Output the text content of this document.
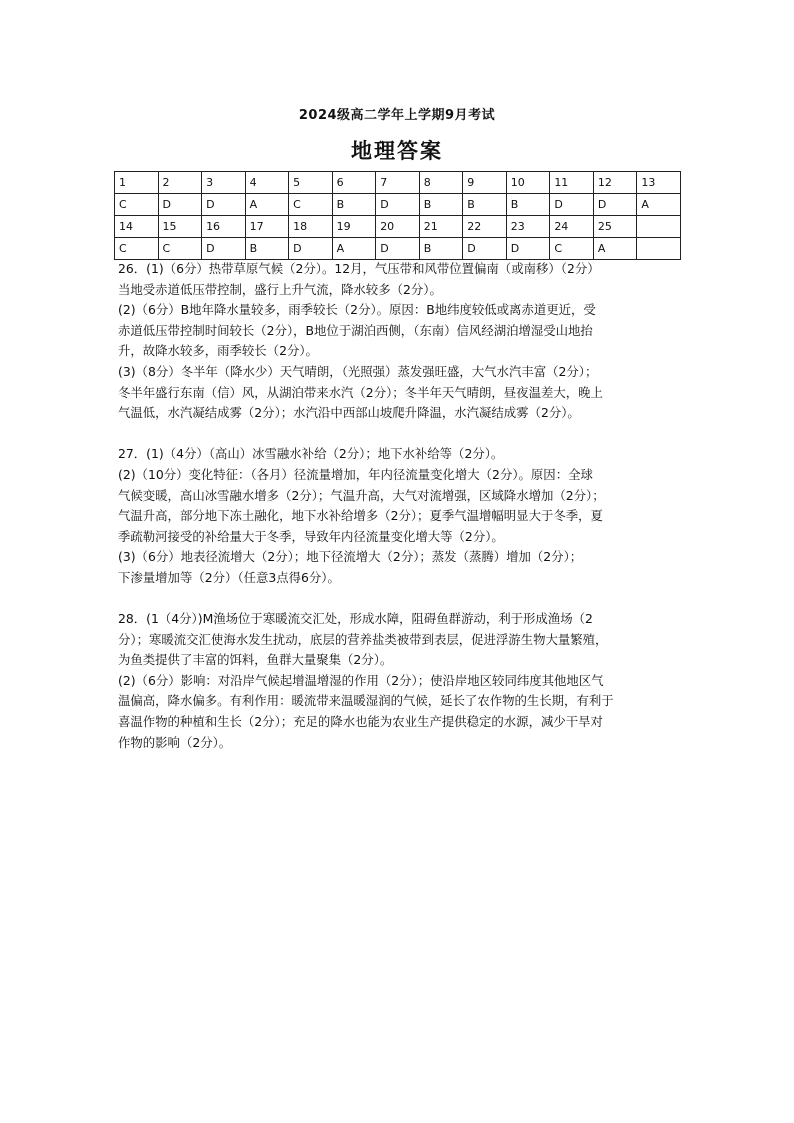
2024级高二学年上学期9月考试
地理答案
1	2	3	4	5	6	7	8	9	10	11	12	13
C	D	D	A	C	B	D	B	B	B	D	D	A
14	15	16	17	18	19	20	21	22	23	24	25	
C	C	D	B	D	A	D	B	D	D	C	A	

26．(1)（6分）热带草原气候（2分）。12月，气压带和风带位置偏南（或南移）（2分）

当地受赤道低压带控制，盛行上升气流，降水较多（2分）。

(2)（6分）B地年降水量较多，雨季较长（2分）。原因：B地纬度较低或离赤道更近，受

赤道低压带控制时间较长（2分），B地位于湖泊西侧，（东南）信风经湖泊增湿受山地抬

升，故降水较多，雨季较长（2分）。

(3)（8分）冬半年（降水少）天气晴朗，（光照强）蒸发强旺盛，大气水汽丰富（2分）；

冬半年盛行东南（信）风，从湖泊带来水汽（2分）；冬半年天气晴朗，昼夜温差大，晚上

气温低，水汽凝结成雾（2分）；水汽沿中西部山坡爬升降温，水汽凝结成雾（2分）。

27．(1)（4分）（高山）冰雪融水补给（2分）；地下水补给等（2分）。

(2)（10分）变化特征：（各月）径流量增加，年内径流量变化增大（2分）。原因：全球

气候变暖，高山冰雪融水增多（2分）；气温升高，大气对流增强，区域降水增加（2分）；

气温升高，部分地下冻土融化，地下水补给增多（2分）；夏季气温增幅明显大于冬季，夏

季疏勒河接受的补给量大于冬季，导致年内径流量变化增大等（2分）。

(3)（6分）地表径流增大（2分）；地下径流增大（2分）；蒸发（蒸腾）增加（2分）；

下渗量增加等（2分）（任意3点得6分）。

28．(1（4分）)M渔场位于寒暖流交汇处，形成水障，阻碍鱼群游动，利于形成渔场（2

分）；寒暖流交汇使海水发生扰动，底层的营养盐类被带到表层，促进浮游生物大量繁殖，

为鱼类提供了丰富的饵料，鱼群大量聚集（2分）。

(2)（6分）影响：对沿岸气候起增温增湿的作用（2分）；使沿岸地区较同纬度其他地区气

温偏高，降水偏多。有利作用：暖流带来温暖湿润的气候，延长了农作物的生长期，有利于

喜温作物的种植和生长（2分）；充足的降水也能为农业生产提供稳定的水源，减少干旱对

作物的影响（2分）。
